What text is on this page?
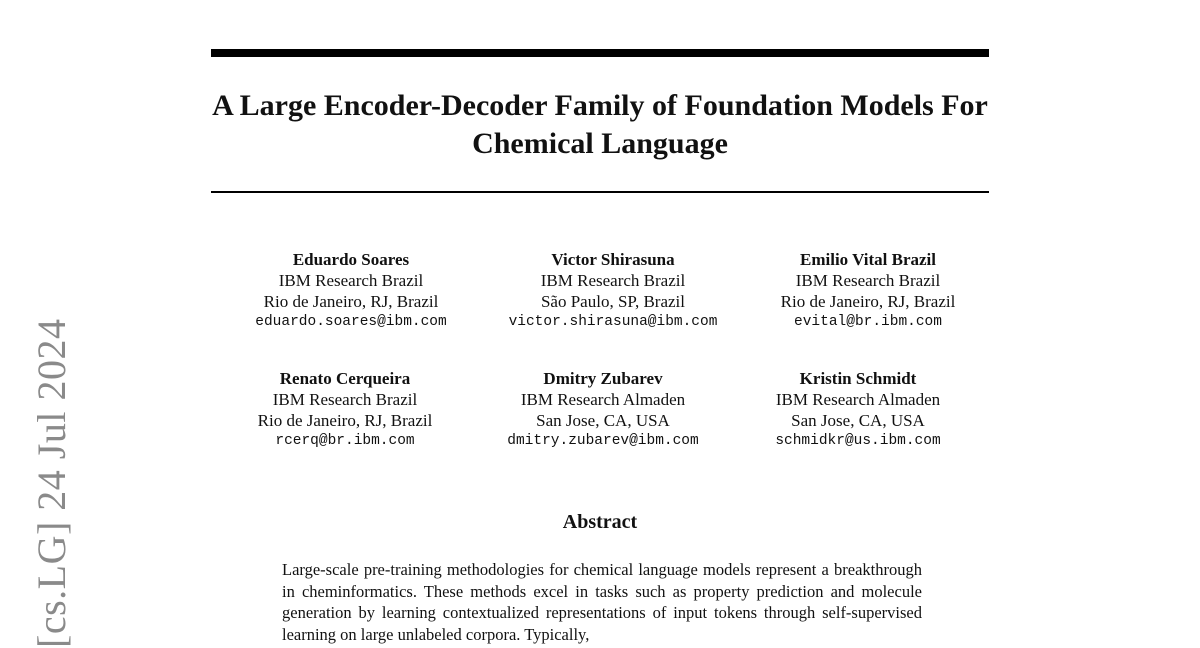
A Large Encoder-Decoder Family of Foundation Models For Chemical Language
Eduardo Soares
IBM Research Brazil
Rio de Janeiro, RJ, Brazil
eduardo.soares@ibm.com
Victor Shirasuna
IBM Research Brazil
São Paulo, SP, Brazil
victor.shirasuna@ibm.com
Emilio Vital Brazil
IBM Research Brazil
Rio de Janeiro, RJ, Brazil
evital@br.ibm.com
Renato Cerqueira
IBM Research Brazil
Rio de Janeiro, RJ, Brazil
rcerq@br.ibm.com
Dmitry Zubarev
IBM Research Almaden
San Jose, CA, USA
dmitry.zubarev@ibm.com
Kristin Schmidt
IBM Research Almaden
San Jose, CA, USA
schmidkr@us.ibm.com
Abstract
Large-scale pre-training methodologies for chemical language models represent a breakthrough in cheminformatics. These methods excel in tasks such as property prediction and molecule generation by learning contextualized representations of input tokens through self-supervised learning on large unlabeled corpora. Typically,
[cs.LG] 24 Jul 2024
